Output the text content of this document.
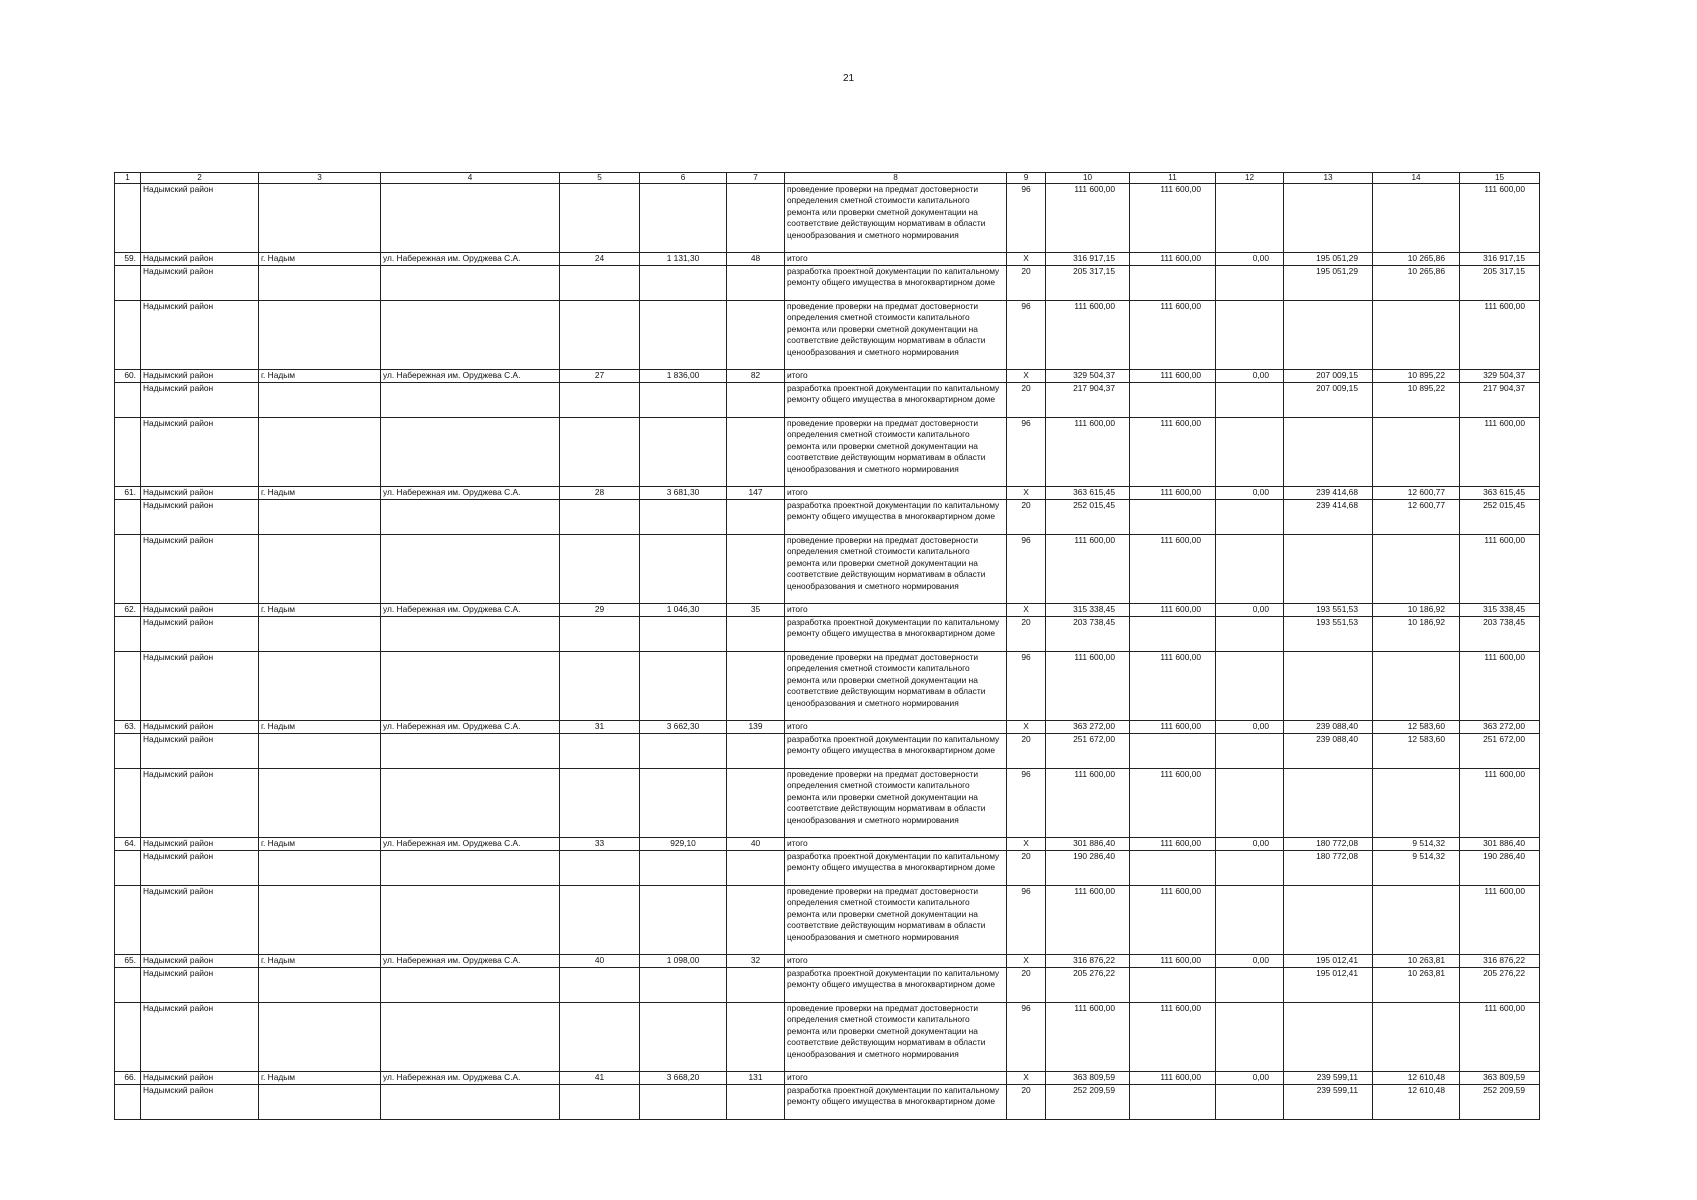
21
1	2	3	4	5	6	7	8	9	10	11	12	13	14	15
	Надымский район						проведение проверки на предмат достоверности определения сметной стоимости капитального ремонта или проверки сметной документации на соответствие действующим нормативам в области ценообразования и сметного нормирования	96	111 600,00	111 600,00				111 600,00
59.	Надымский район	г. Надым	ул. Набережная им. Оруджева С.А.	24	1 131,30	48	итого	X	316 917,15	111 600,00	0,00	195 051,29	10 265,86	316 917,15
	Надымский район						разработка проектной документации по капитальному ремонту общего имущества в многоквартирном доме	20	205 317,15			195 051,29	10 265,86	205 317,15
	Надымский район						проведение проверки на предмат достоверности определения сметной стоимости капитального ремонта или проверки сметной документации на соответствие действующим нормативам в области ценообразования и сметного нормирования	96	111 600,00	111 600,00				111 600,00
60.	Надымский район	г. Надым	ул. Набережная им. Оруджева С.А.	27	1 836,00	82	итого	X	329 504,37	111 600,00	0,00	207 009,15	10 895,22	329 504,37
	Надымский район						разработка проектной документации по капитальному ремонту общего имущества в многоквартирном доме	20	217 904,37			207 009,15	10 895,22	217 904,37
	Надымский район						проведение проверки на предмат достоверности определения сметной стоимости капитального ремонта или проверки сметной документации на соответствие действующим нормативам в области ценообразования и сметного нормирования	96	111 600,00	111 600,00				111 600,00
61.	Надымский район	г. Надым	ул. Набережная им. Оруджева С.А.	28	3 681,30	147	итого	X	363 615,45	111 600,00	0,00	239 414,68	12 600,77	363 615,45
	Надымский район						разработка проектной документации по капитальному ремонту общего имущества в многоквартирном доме	20	252 015,45			239 414,68	12 600,77	252 015,45
	Надымский район						проведение проверки на предмат достоверности определения сметной стоимости капитального ремонта или проверки сметной документации на соответствие действующим нормативам в области ценообразования и сметного нормирования	96	111 600,00	111 600,00				111 600,00
62.	Надымский район	г. Надым	ул. Набережная им. Оруджева С.А.	29	1 046,30	35	итого	X	315 338,45	111 600,00	0,00	193 551,53	10 186,92	315 338,45
	Надымский район						разработка проектной документации по капитальному ремонту общего имущества в многоквартирном доме	20	203 738,45			193 551,53	10 186,92	203 738,45
	Надымский район						проведение проверки на предмат достоверности определения сметной стоимости капитального ремонта или проверки сметной документации на соответствие действующим нормативам в области ценообразования и сметного нормирования	96	111 600,00	111 600,00				111 600,00
63.	Надымский район	г. Надым	ул. Набережная им. Оруджева С.А.	31	3 662,30	139	итого	X	363 272,00	111 600,00	0,00	239 088,40	12 583,60	363 272,00
	Надымский район						разработка проектной документации по капитальному ремонту общего имущества в многоквартирном доме	20	251 672,00			239 088,40	12 583,60	251 672,00
	Надымский район						проведение проверки на предмат достоверности определения сметной стоимости капитального ремонта или проверки сметной документации на соответствие действующим нормативам в области ценообразования и сметного нормирования	96	111 600,00	111 600,00				111 600,00
64.	Надымский район	г. Надым	ул. Набережная им. Оруджева С.А.	33	929,10	40	итого	X	301 886,40	111 600,00	0,00	180 772,08	9 514,32	301 886,40
	Надымский район						разработка проектной документации по капитальному ремонту общего имущества в многоквартирном доме	20	190 286,40			180 772,08	9 514,32	190 286,40
	Надымский район						проведение проверки на предмат достоверности определения сметной стоимости капитального ремонта или проверки сметной документации на соответствие действующим нормативам в области ценообразования и сметного нормирования	96	111 600,00	111 600,00				111 600,00
65.	Надымский район	г. Надым	ул. Набережная им. Оруджева С.А.	40	1 098,00	32	итого	X	316 876,22	111 600,00	0,00	195 012,41	10 263,81	316 876,22
	Надымский район						разработка проектной документации по капитальному ремонту общего имущества в многоквартирном доме	20	205 276,22			195 012,41	10 263,81	205 276,22
	Надымский район						проведение проверки на предмат достоверности определения сметной стоимости капитального ремонта или проверки сметной документации на соответствие действующим нормативам в области ценообразования и сметного нормирования	96	111 600,00	111 600,00				111 600,00
66.	Надымский район	г. Надым	ул. Набережная им. Оруджева С.А.	41	3 668,20	131	итого	X	363 809,59	111 600,00	0,00	239 599,11	12 610,48	363 809,59
	Надымский район						разработка проектной документации по капитальному ремонту общего имущества в многоквартирном доме	20	252 209,59			239 599,11	12 610,48	252 209,59
